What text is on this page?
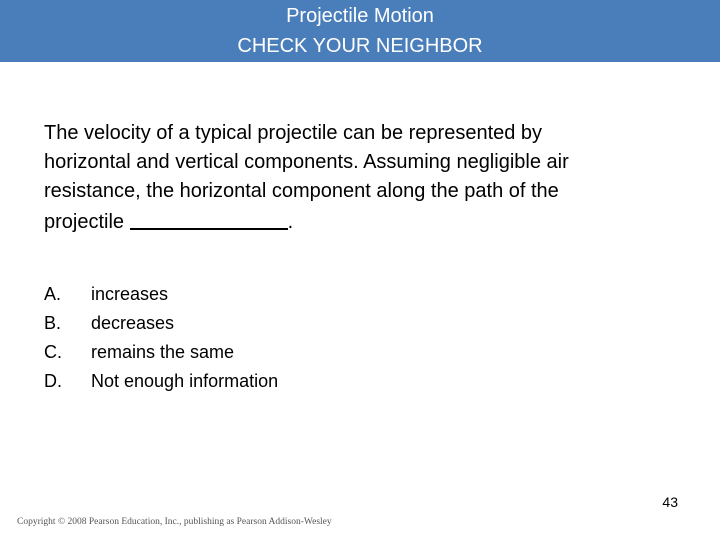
Projectile Motion
CHECK YOUR NEIGHBOR
The velocity of a typical projectile can be represented by
horizontal and vertical components. Assuming negligible air
resistance, the horizontal component along the path of the
projectile	.
A.	increases
B.	decreases
C.	remains the same
D.	Not enough information
43
Copyright © 2008 Pearson Education, Inc., publishing as Pearson Addison-Wesley
